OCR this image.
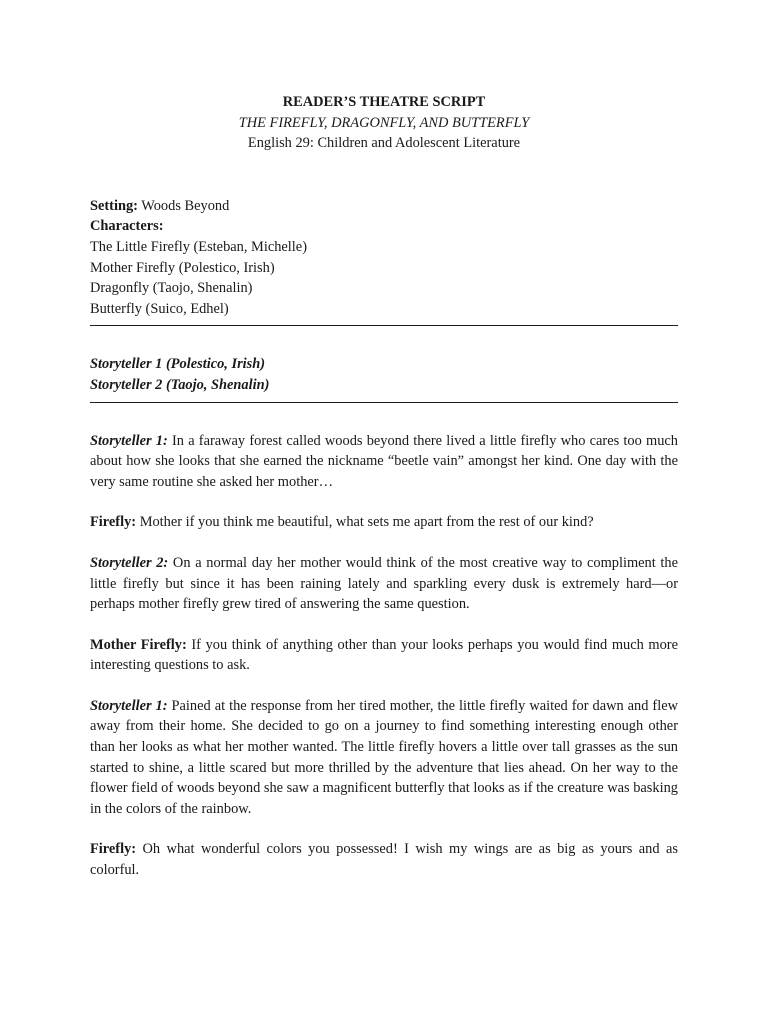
READER’S THEATRE SCRIPT
THE FIREFLY, DRAGONFLY, AND BUTTERFLY
English 29: Children and Adolescent Literature
Setting: Woods Beyond
Characters:
The Little Firefly (Esteban, Michelle)
Mother Firefly (Polestico, Irish)
Dragonfly (Taojo, Shenalin)
Butterfly (Suico, Edhel)
Storyteller 1 (Polestico, Irish)
Storyteller 2 (Taojo, Shenalin)

Storyteller 1: In a faraway forest called woods beyond there lived a little firefly who cares too much about how she looks that she earned the nickname “beetle vain” amongst her kind. One day with the very same routine she asked her mother…

Firefly: Mother if you think me beautiful, what sets me apart from the rest of our kind?

Storyteller 2: On a normal day her mother would think of the most creative way to compliment the little firefly but since it has been raining lately and sparkling every dusk is extremely hard—or perhaps mother firefly grew tired of answering the same question.

Mother Firefly: If you think of anything other than your looks perhaps you would find much more interesting questions to ask.

Storyteller 1: Pained at the response from her tired mother, the little firefly waited for dawn and flew away from their home. She decided to go on a journey to find something interesting enough other than her looks as what her mother wanted. The little firefly hovers a little over tall grasses as the sun started to shine, a little scared but more thrilled by the adventure that lies ahead. On her way to the flower field of woods beyond she saw a magnificent butterfly that looks as if the creature was basking in the colors of the rainbow.

Firefly: Oh what wonderful colors you possessed! I wish my wings are as big as yours and as colorful.
